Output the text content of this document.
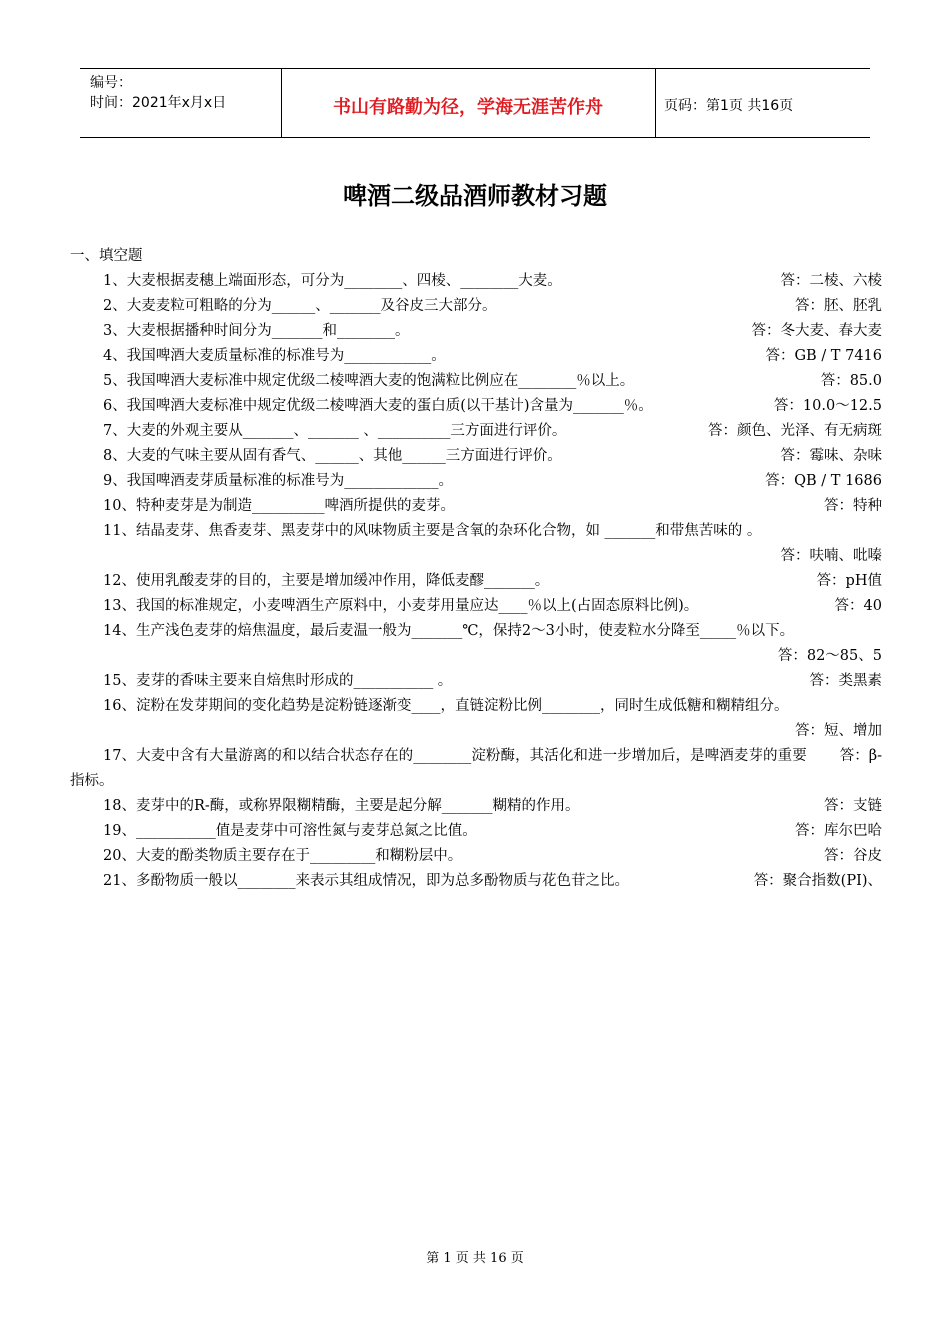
编号：
时间：2021年x月x日	书山有路勤为径，学海无涯苦作舟	页码：第1页 共16页
啤酒二级品酒师教材习题

一、填空题

答：二棱、六棱
1、大麦根据麦穗上端面形态，可分为________、四棱、________大麦。

答：胚、胚乳
2、大麦麦粒可粗略的分为______、_______及谷皮三大部分。

答：冬大麦、春大麦
3、大麦根据播种时间分为_______和________。

答：GB / T 7416
4、我国啤酒大麦质量标准的标准号为____________。

答：85.0
5、我国啤酒大麦标准中规定优级二棱啤酒大麦的饱满粒比例应在________％以上。

答：10.0～12.5
6、我国啤酒大麦标准中规定优级二棱啤酒大麦的蛋白质(以干基计)含量为_______％。

答：颜色、光泽、有无病斑
7、大麦的外观主要从_______、_______ 、__________三方面进行评价。

答：霉味、杂味
8、大麦的气味主要从固有香气、______、其他______三方面进行评价。

答：QB / T 1686
9、我国啤酒麦芽质量标准的标准号为_____________。

答：特种
10、特种麦芽是为制造__________啤酒所提供的麦芽。

11、结晶麦芽、焦香麦芽、黑麦芽中的风味物质主要是含氧的杂环化合物，如 _______和带焦苦味的 。

答：呋喃、吡嗪

答：pH值
12、使用乳酸麦芽的目的，主要是增加缓冲作用，降低麦醪_______。

答：40
13、我国的标准规定，小麦啤酒生产原料中，小麦芽用量应达____％以上(占固态原料比例)。

14、生产浅色麦芽的焙焦温度，最后麦温一般为_______℃，保持2～3小时，使麦粒水分降至_____％以下。

答：82～85、5

答：类黑素
15、麦芽的香味主要来自焙焦时形成的___________ 。

16、淀粉在发芽期间的变化趋势是淀粉链逐渐变____，直链淀粉比例________，同时生成低糖和糊精组分。

答：短、增加

答：β-
17、大麦中含有大量游离的和以结合状态存在的________淀粉酶，其活化和进一步增加后，是啤酒麦芽的重要指标。

答：支链
18、麦芽中的R-酶，或称界限糊精酶，主要是起分解_______糊精的作用。

答：库尔巴哈
19、___________值是麦芽中可溶性氮与麦芽总氮之比值。

答：谷皮
20、大麦的酚类物质主要存在于_________和糊粉层中。

答：聚合指数(PI)、
21、多酚物质一般以________来表示其组成情况，即为总多酚物质与花色苷之比。

第 1 页 共 16 页
